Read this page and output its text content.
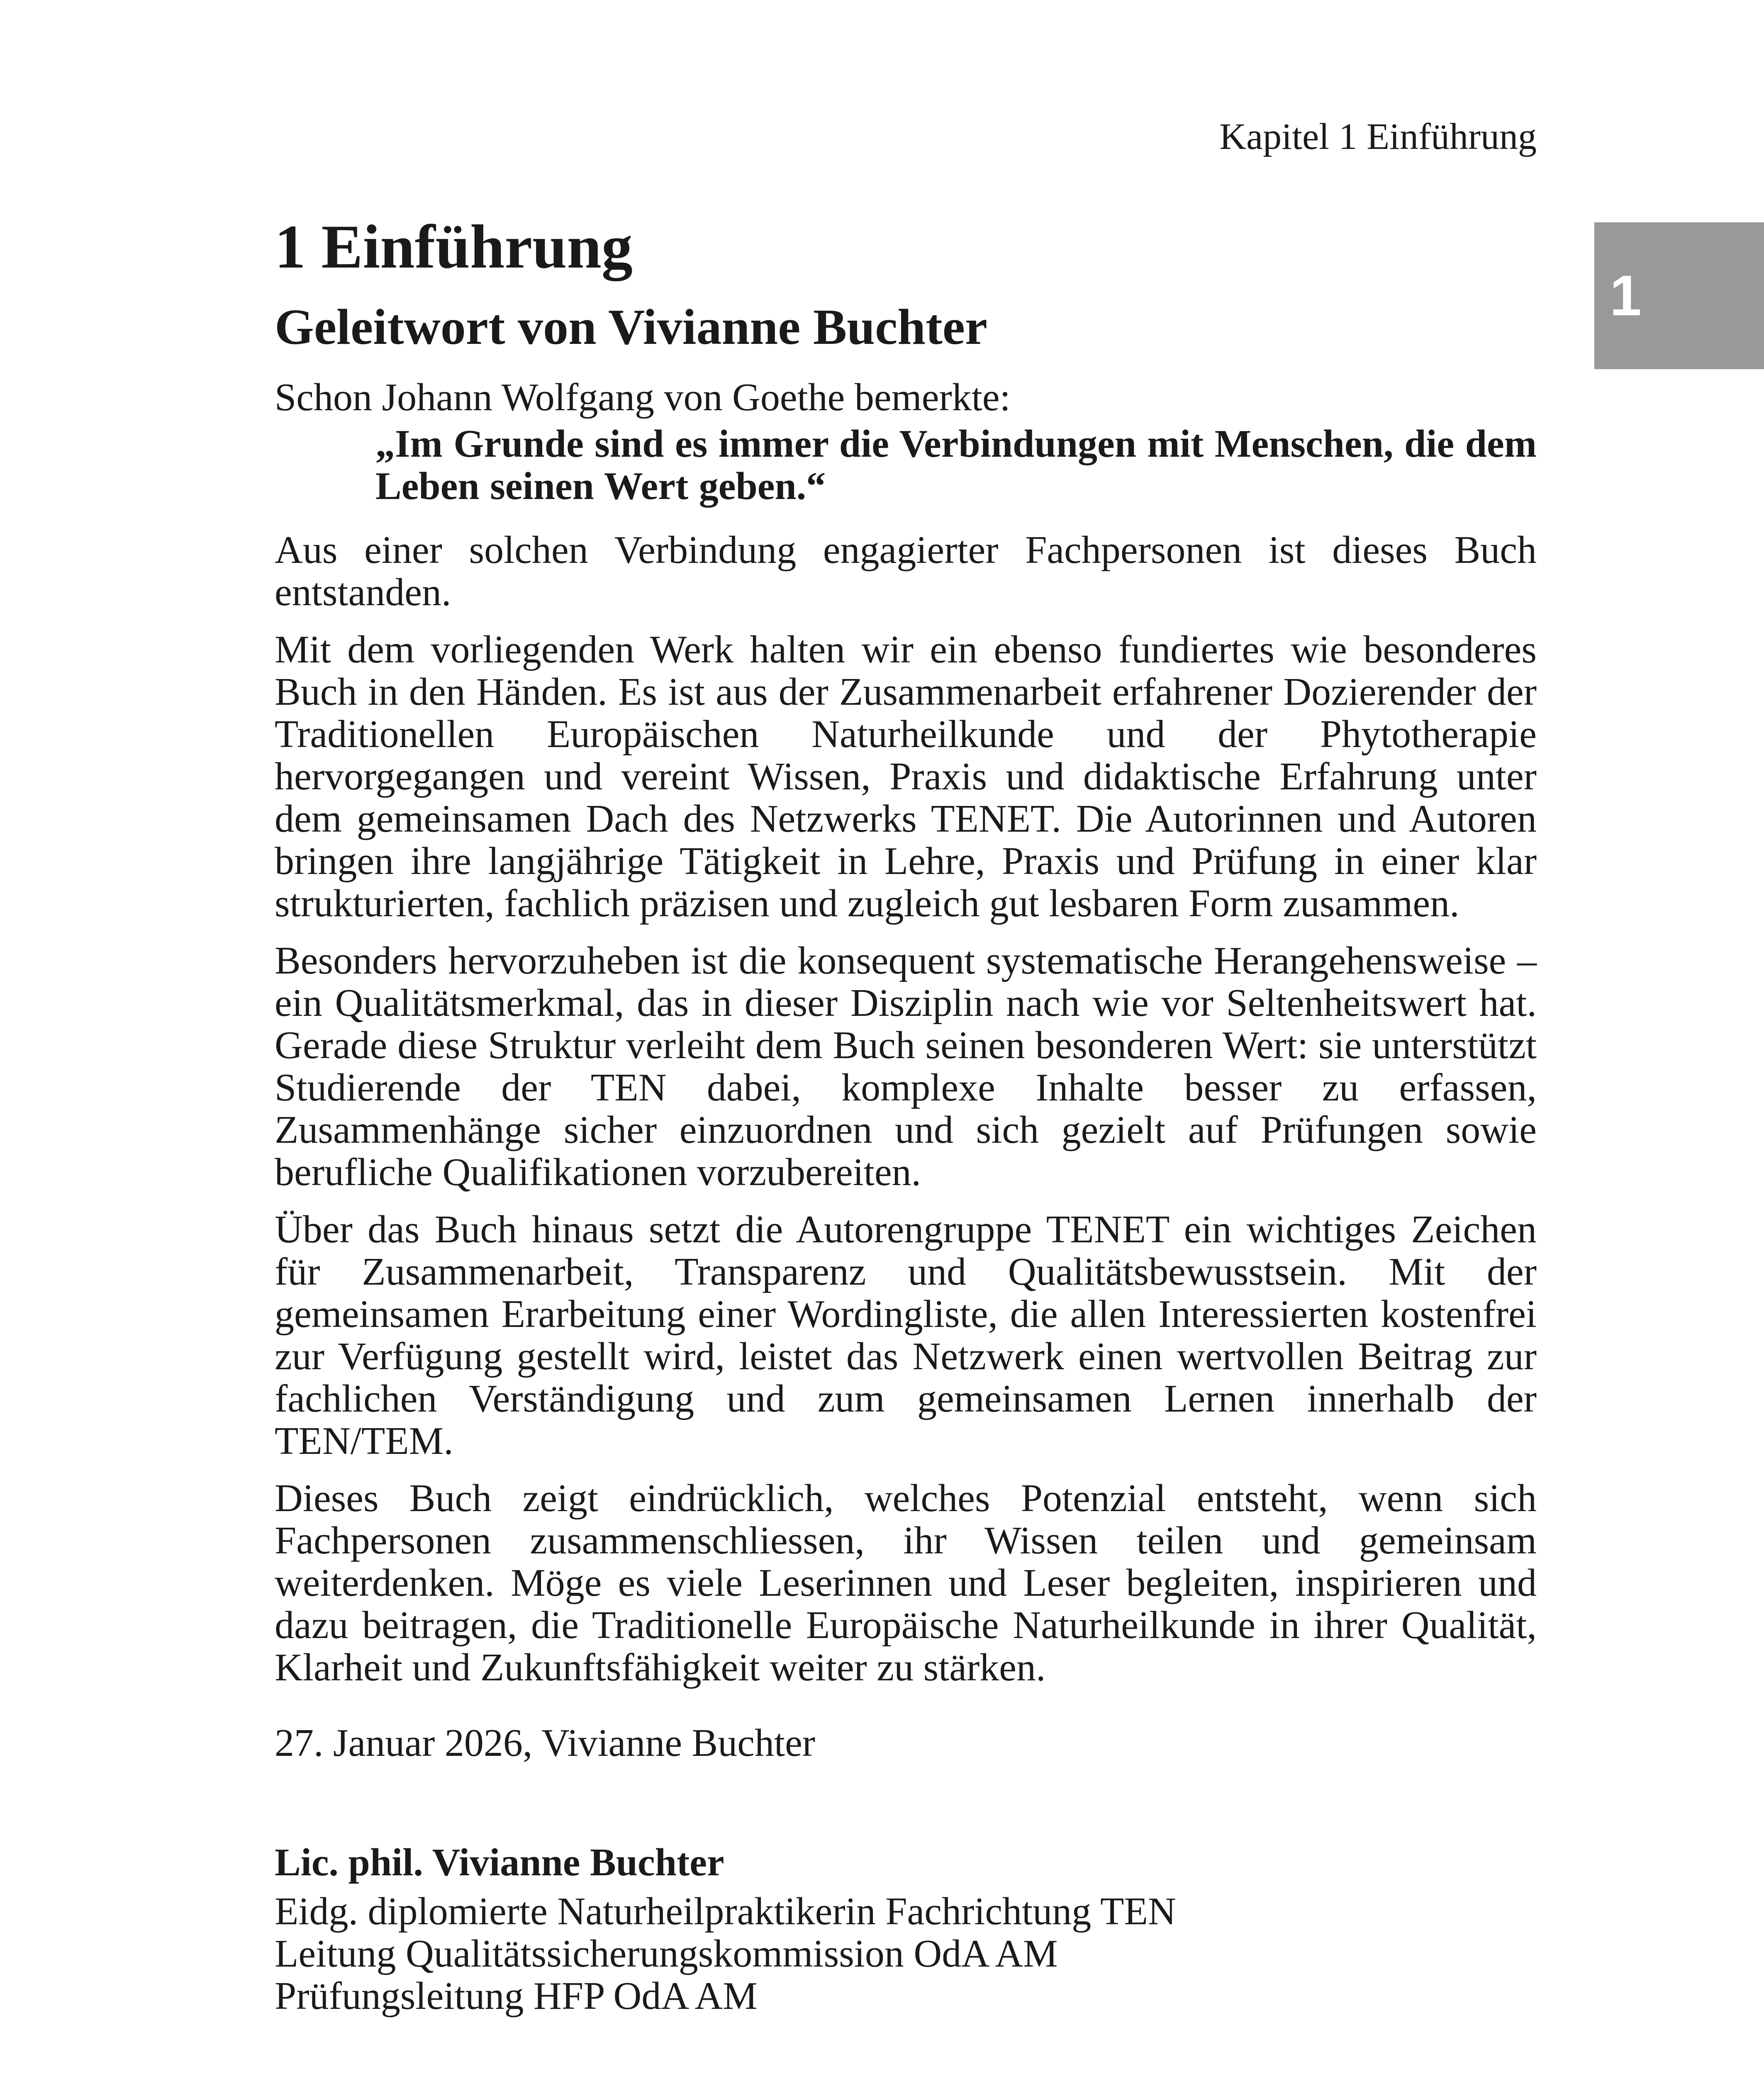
Kapitel 1 Einführung
1
1 Einführung
Geleitwort von Vivianne Buchter

Schon Johann Wolfgang von Goethe bemerkte:

„Im Grunde sind es immer die Verbindungen mit Menschen, die dem Leben seinen Wert geben.“

Aus einer solchen Verbindung engagierter Fachpersonen ist dieses Buch entstanden.

Mit dem vorliegenden Werk halten wir ein ebenso fundiertes wie besonderes Buch in den Händen. Es ist aus der Zusammenarbeit erfahrener Dozierender der Traditionellen Europäischen Naturheilkunde und der Phytotherapie hervorgegangen und vereint Wissen, Praxis und didaktische Erfahrung unter dem gemeinsamen Dach des Netzwerks TENET. Die Autorinnen und Autoren bringen ihre langjährige Tätigkeit in Lehre, Praxis und Prüfung in einer klar strukturierten, fachlich präzisen und zugleich gut lesbaren Form zusammen.

Besonders hervorzuheben ist die konsequent systematische Herangehensweise – ein Qualitätsmerkmal, das in dieser Disziplin nach wie vor Seltenheitswert hat. Gerade diese Struktur verleiht dem Buch seinen besonderen Wert: sie unterstützt Studierende der TEN dabei, komplexe Inhalte besser zu erfassen, Zusammenhänge sicher einzuordnen und sich gezielt auf Prüfungen sowie berufliche Qualifikationen vorzubereiten.

Über das Buch hinaus setzt die Autorengruppe TENET ein wichtiges Zeichen für Zusammenarbeit, Transparenz und Qualitätsbewusstsein. Mit der gemeinsamen Erarbeitung einer Wordingliste, die allen Interessierten kostenfrei zur Verfügung gestellt wird, leistet das Netzwerk einen wertvollen Beitrag zur fachlichen Verständigung und zum gemeinsamen Lernen innerhalb der TEN/TEM.

Dieses Buch zeigt eindrücklich, welches Potenzial entsteht, wenn sich Fachpersonen zusammenschliessen, ihr Wissen teilen und gemeinsam weiterdenken. Möge es viele Leserinnen und Leser begleiten, inspirieren und dazu beitragen, die Traditionelle Europäische Naturheilkunde in ihrer Qualität, Klarheit und Zukunftsfähigkeit weiter zu stärken.

27. Januar 2026, Vivianne Buchter

Lic. phil. Vivianne Buchter

Eidg. diplomierte Naturheilpraktikerin Fachrichtung TEN

Leitung Qualitätssicherungskommission OdA AM

Prüfungsleitung HFP OdA AM
